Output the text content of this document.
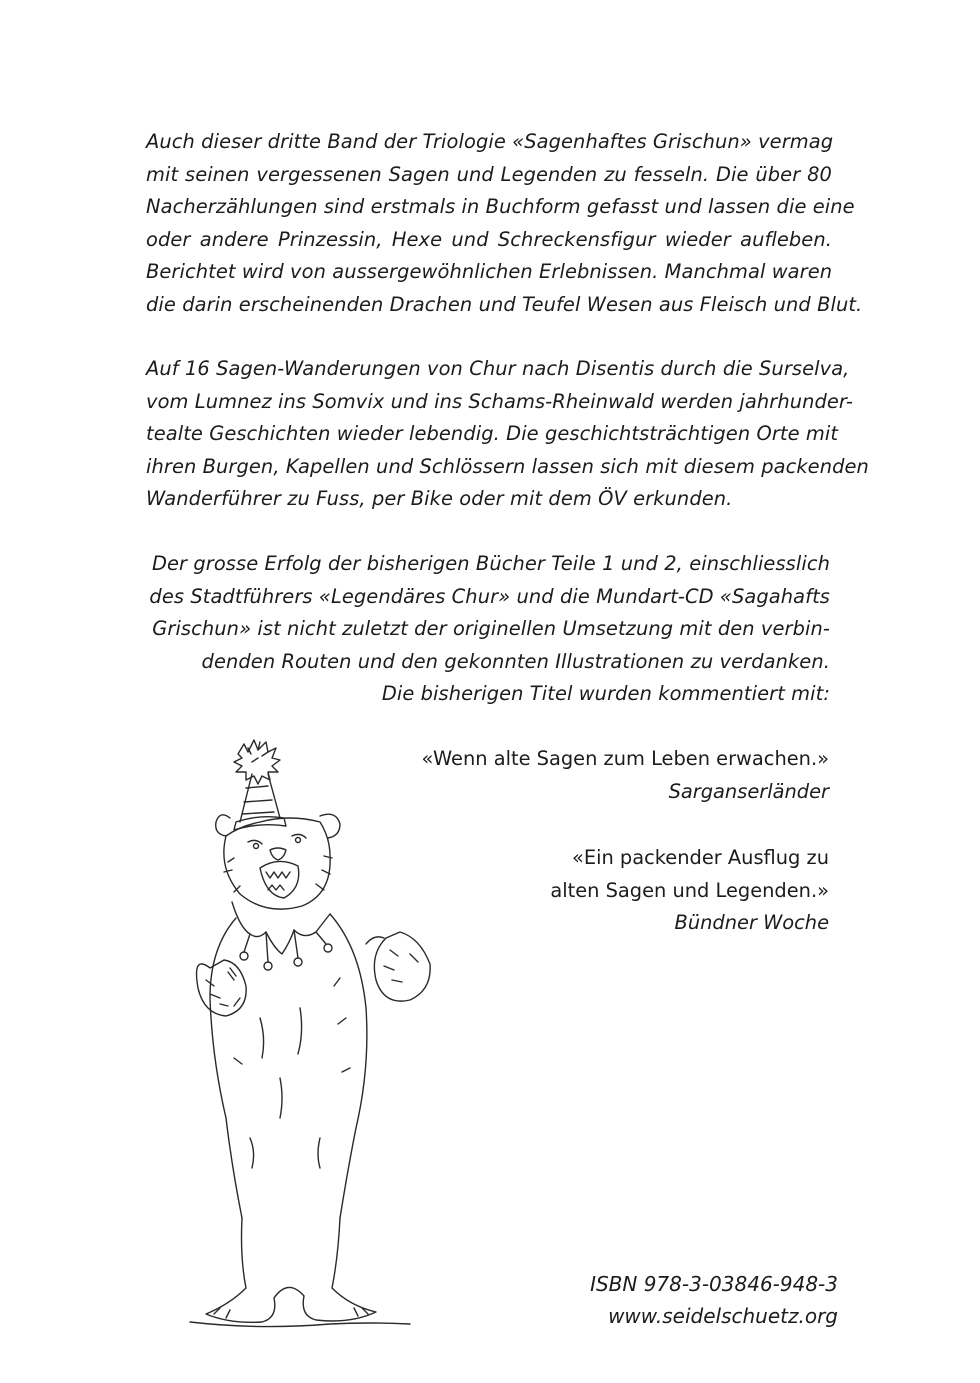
Auch dieser dritte Band der Triologie «Sagenhaftes Grischun» vermag
mit seinen vergessenen Sagen und Legenden zu fesseln. Die über 80
Nacherzählungen sind erstmals in Buchform gefasst und lassen die eine
oder andere Prinzessin, Hexe und Schreckensfigur wieder aufleben.
Berichtet wird von aussergewöhnlichen Erlebnissen. Manchmal waren
die darin erscheinenden Drachen und Teufel Wesen aus Fleisch und Blut.

Auf 16 Sagen-Wanderungen von Chur nach Disentis durch die Surselva,
vom Lumnez ins Somvix und ins Schams-Rheinwald werden jahrhunder-
tealte Geschichten wieder lebendig. Die geschichtsträchtigen Orte mit
ihren Burgen, Kapellen und Schlössern lassen sich mit diesem packenden
Wanderführer zu Fuss, per Bike oder mit dem ÖV erkunden.

Der grosse Erfolg der bisherigen Bücher Teile 1 und 2, einschliesslich
des Stadtführers «Legendäres Chur» und die Mundart-CD «Sagahafts
Grischun» ist nicht zuletzt der originellen Umsetzung mit den verbin-
denden Routen und den gekonnten Illustrationen zu verdanken.
Die bisherigen Titel wurden kommentiert mit:

«Wenn alte Sagen zum Leben erwachen.»
Sarganserländer
«Ein packender Ausflug zu
alten Sagen und Legenden.»
Bündner Woche
ISBN 978-3-03846-948-3
www.seidelschuetz.org
